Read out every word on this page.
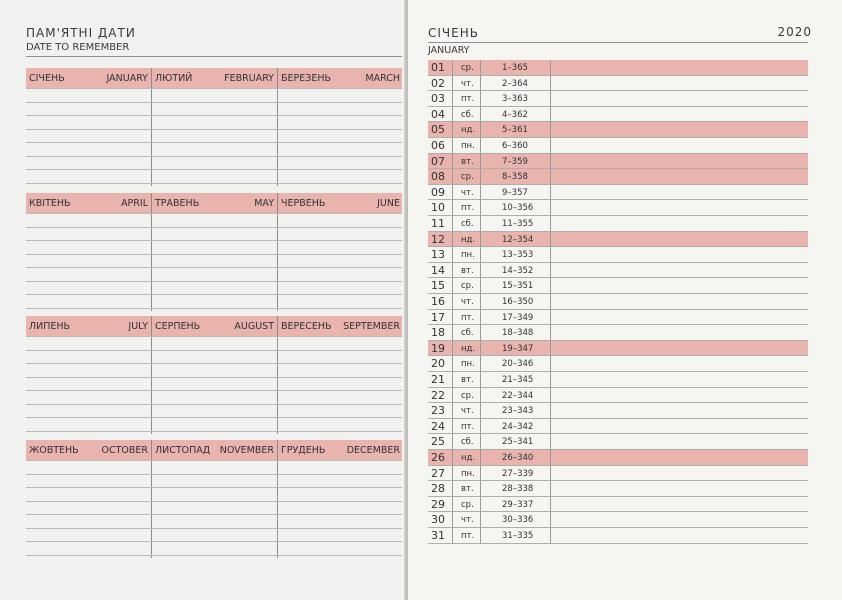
ПАМ'ЯТНІ ДАТИ
DATE TO REMEMBER
СІЧЕНЬ	JANUARY ЛЮТИЙ	FEBRUARY БЕРЕЗЕНЬ	MARCH
КВІТЕНЬ	APRIL ТРАВЕНЬ	MAY ЧЕРВЕНЬ	JUNE
ЛИПЕНЬ	JULY СЕРПЕНЬ	AUGUST ВЕРЕСЕНЬ SEPTEMBER
ЖОВТЕНЬ OCTOBER ЛИСТОПАД NOVEMBER ГРУДЕНЬ DECEMBER
СІЧЕНЬ	2020
JANUARY
01 ср.	1–365
02 чт.	2–364
03 пт.	3–363
04 сб.	4–362
05 нд.	5–361
06 пн.	6–360
07 вт.	7–359
08 ср.	8–358
09 чт.	9–357
10 пт.	10–356
11 сб.	11–355
12 нд.	12–354
13 пн.	13–353
14 вт.	14–352
15 ср.	15–351
16 чт.	16–350
17 пт.	17–349
18 сб.	18–348
19 нд.	19–347
20 пн.	20–346
21 вт.	21–345
22 ср.	22–344
23 чт.	23–343
24 пт.	24–342
25 сб.	25–341
26 нд.	26–340
27 пн.	27–339
28 вт.	28–338
29 ср.	29–337
30 чт.	30–336
31 пт.	31–335
